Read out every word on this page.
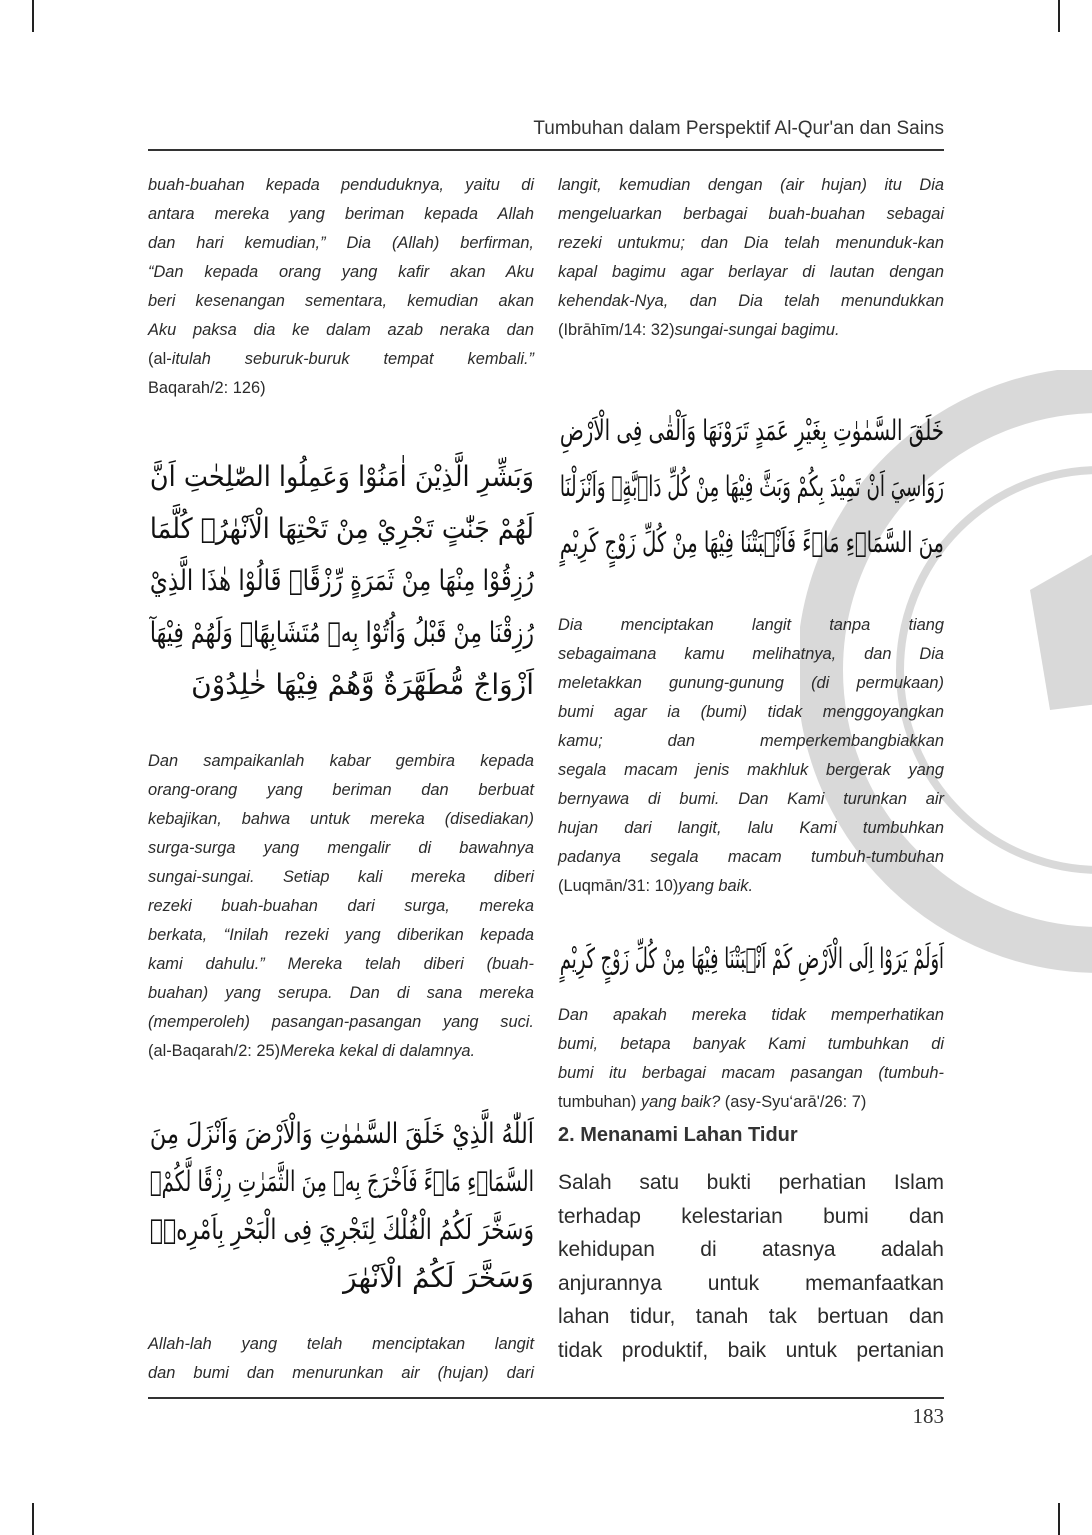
Tumbuhan dalam Perspektif Al-Qur'an dan Sains
buah-buahan kepada penduduknya, yaitu di
antara mereka yang beriman kepada Allah
dan hari kemudian,” Dia (Allah) berfirman,
“Dan kepada orang yang kafir akan Aku
beri kesenangan sementara, kemudian akan
Aku paksa dia ke dalam azab neraka dan
(al-itulah seburuk-buruk tempat kembali.”
Baqarah/2: 126)
وَبَشِّرِ الَّذِيْنَ اٰمَنُوْا وَعَمِلُوا الصّٰلِحٰتِ اَنَّ
لَهُمْ جَنّٰتٍ تَجْرِيْ مِنْ تَحْتِهَا الْاَنْهٰرُۗ كُلَّمَا
رُزِقُوْا مِنْهَا مِنْ ثَمَرَةٍ رِّزْقًاۙ قَالُوْا هٰذَا الَّذِيْ
رُزِقْنَا مِنْ قَبْلُ وَاُتُوْا بِهٖ مُتَشَابِهًاۗ وَلَهُمْ فِيْهَآ
اَزْوَاجٌ مُّطَهَّرَةٌ وَّهُمْ فِيْهَا خٰلِدُوْنَ
Dan sampaikanlah kabar gembira kepada
orang-orang yang beriman dan berbuat
kebajikan, bahwa untuk mereka (disediakan)
surga-surga yang mengalir di bawahnya
sungai-sungai. Setiap kali mereka diberi
rezeki buah-buahan dari surga, mereka
berkata, “Inilah rezeki yang diberikan kepada
kami dahulu.” Mereka telah diberi (buah-
buahan) yang serupa. Dan di sana mereka
(memperoleh) pasangan-pasangan yang suci.
(al-Baqarah/2: 25)Mereka kekal di dalamnya.
اَللّٰهُ الَّذِيْ خَلَقَ السَّمٰوٰتِ وَالْاَرْضَ وَاَنْزَلَ مِنَ
السَّمَاۤءِ مَاۤءً فَاَخْرَجَ بِهٖ مِنَ الثَّمَرٰتِ رِزْقًا لَّكُمْۚ
وَسَخَّرَ لَكُمُ الْفُلْكَ لِتَجْرِيَ فِى الْبَحْرِ بِاَمْرِهٖۚ
وَسَخَّرَ لَكُمُ الْاَنْهٰرَ
Allah-lah yang telah menciptakan langit
dan bumi dan menurunkan air (hujan) dari
langit, kemudian dengan (air hujan) itu Dia
mengeluarkan berbagai buah-buahan sebagai
rezeki untukmu; dan Dia telah menunduk-kan
kapal bagimu agar berlayar di lautan dengan
kehendak-Nya, dan Dia telah menundukkan
(Ibrāhīm/14: 32)sungai-sungai bagimu.
خَلَقَ السَّمٰوٰتِ بِغَيْرِ عَمَدٍ تَرَوْنَهَا وَاَلْقٰى فِى الْاَرْضِ
رَوَاسِيَ اَنْ تَمِيْدَ بِكُمْ وَبَثَّ فِيْهَا مِنْ كُلِّ دَاۤبَّةٍۗ وَاَنْزَلْنَا
مِنَ السَّمَاۤءِ مَاۤءً فَاَنْۢبَتْنَا فِيْهَا مِنْ كُلِّ زَوْجٍ كَرِيْمٍ
Dia menciptakan langit tanpa tiang
sebagaimana kamu melihatnya, dan Dia
meletakkan gunung-gunung (di permukaan)
bumi agar ia (bumi) tidak menggoyangkan
kamu; dan memperkembangbiakkan
segala macam jenis makhluk bergerak yang
bernyawa di bumi. Dan Kami turunkan air
hujan dari langit, lalu Kami tumbuhkan
padanya segala macam tumbuh-tumbuhan
(Luqmān/31: 10)yang baik.
اَوَلَمْ يَرَوْا اِلَى الْاَرْضِ كَمْ اَنْۢبَتْنَا فِيْهَا مِنْ كُلِّ زَوْجٍ كَرِيْمٍ
Dan apakah mereka tidak memperhatikan
bumi, betapa banyak Kami tumbuhkan di
bumi itu berbagai macam pasangan (tumbuh-
tumbuhan) yang baik? (asy-Syu‘arā'/26: 7)
2. Menanami Lahan Tidur
Salah satu bukti perhatian Islam
terhadap kelestarian bumi dan
kehidupan di atasnya adalah
anjurannya untuk memanfaatkan
lahan tidur, tanah tak bertuan dan
tidak produktif, baik untuk pertanian
183
